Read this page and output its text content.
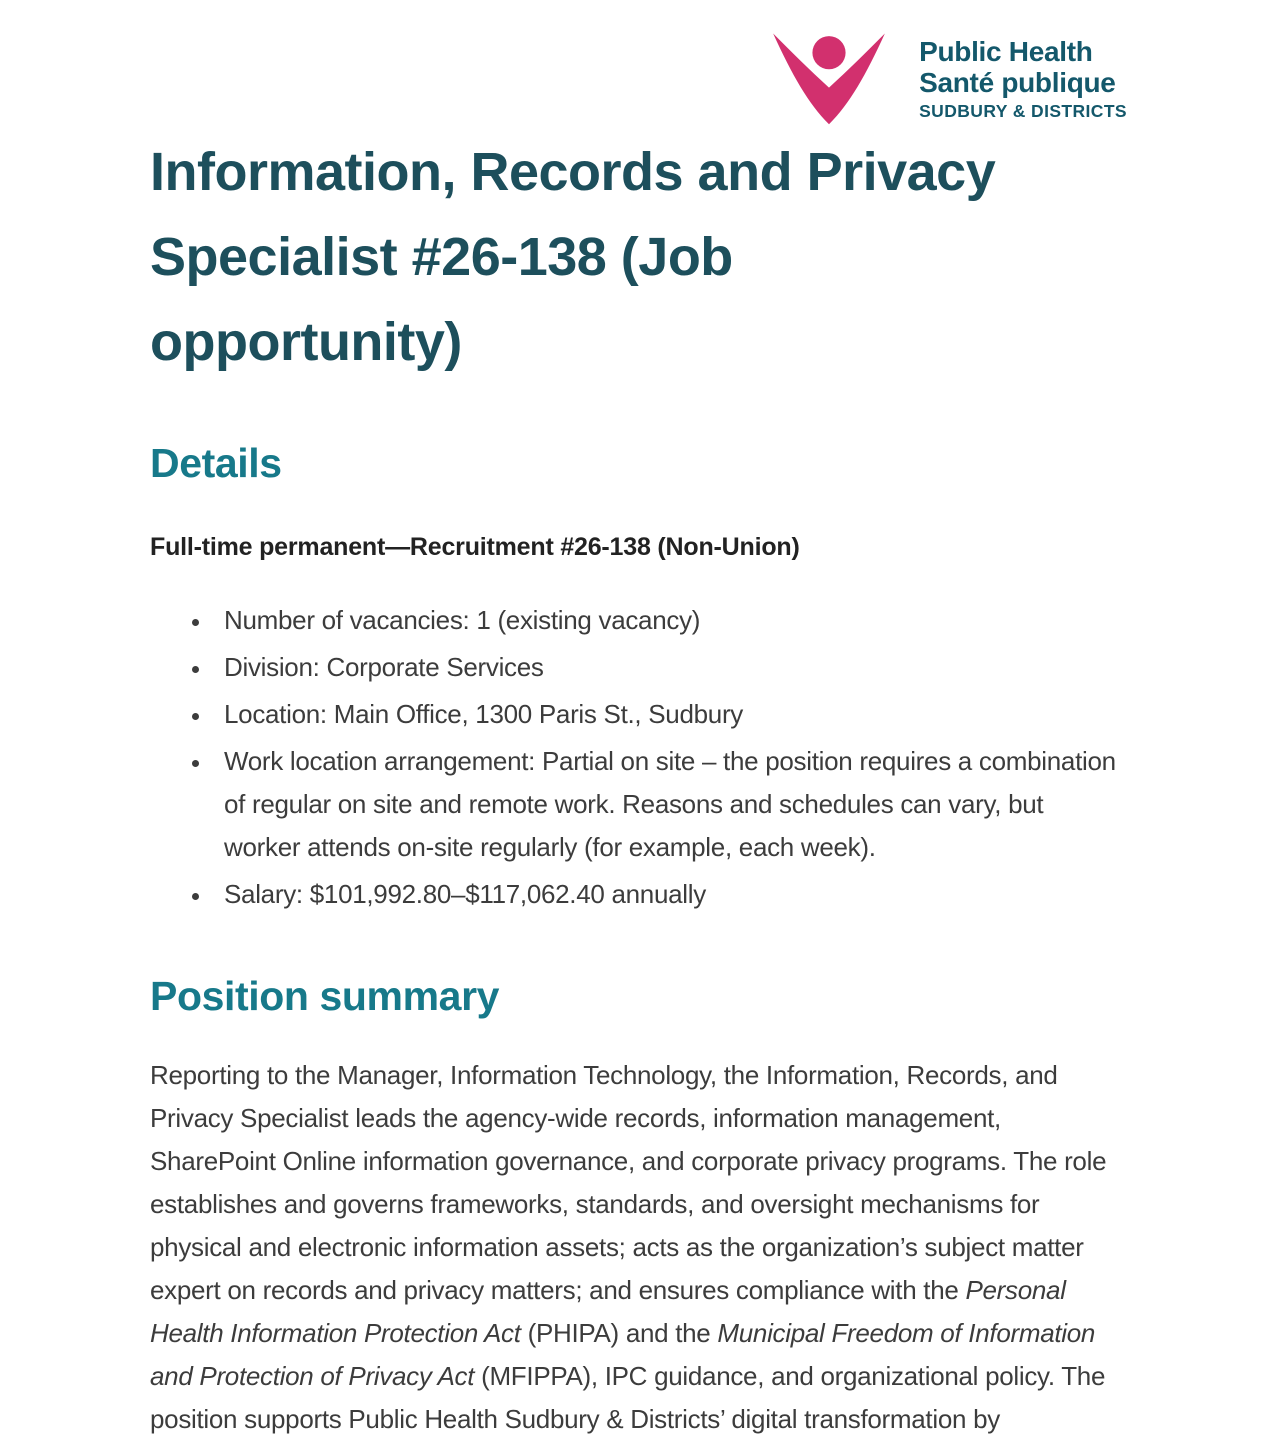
Public Health
Santé publique
SUDBURY & DISTRICTS
Information, Records and Privacy Specialist #26-138 (Job opportunity)
Details

Full-time permanent—Recruitment #26-138 (Non-Union)

• Number of vacancies: 1 (existing vacancy)
• Division: Corporate Services
• Location: Main Office, 1300 Paris St., Sudbury
• Work location arrangement: Partial on site – the position requires a combination of regular on site and remote work. Reasons and schedules can vary, but worker attends on-site regularly (for example, each week).
• Salary: $101,992.80–$117,062.40 annually
Position summary

Reporting to the Manager, Information Technology, the Information, Records, and Privacy Specialist leads the agency-wide records, information management, SharePoint Online information governance, and corporate privacy programs. The role establishes and governs frameworks, standards, and oversight mechanisms for physical and electronic information assets; acts as the organization’s subject matter expert on records and privacy matters; and ensures compliance with the Personal Health Information Protection Act (PHIPA) and the Municipal Freedom of Information and Protection of Privacy Act (MFIPPA), IPC guidance, and organizational policy. The position supports Public Health Sudbury & Districts’ digital transformation by
